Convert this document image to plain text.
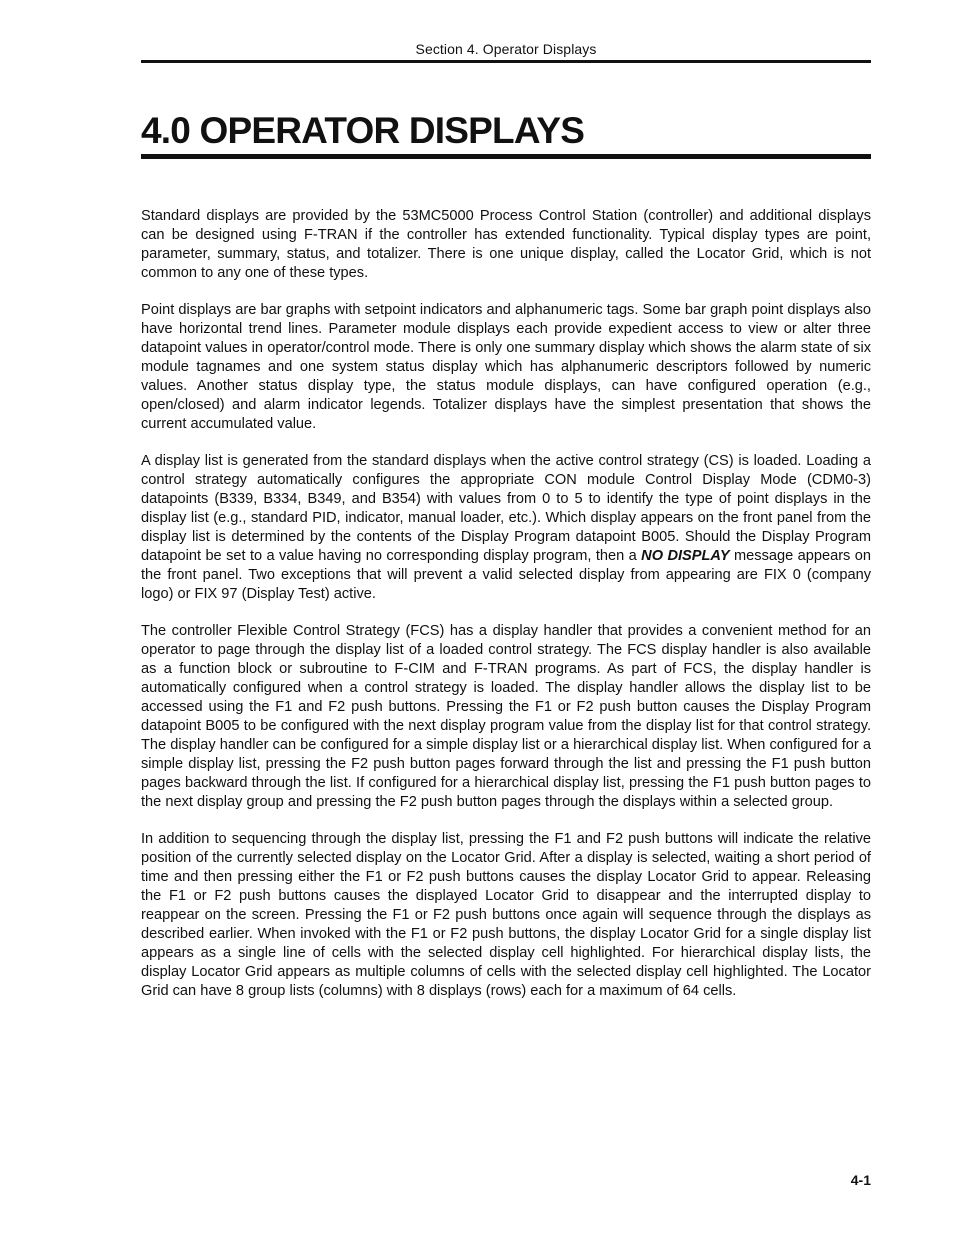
Section 4. Operator Displays
4.0 OPERATOR DISPLAYS

Standard displays are provided by the 53MC5000 Process Control Station (controller) and additional displays can be designed using F-TRAN if the controller has extended functionality. Typical display types are point, parameter, summary, status, and totalizer. There is one unique display, called the Locator Grid, which is not common to any one of these types.

Point displays are bar graphs with setpoint indicators and alphanumeric tags. Some bar graph point displays also have horizontal trend lines. Parameter module displays each provide expedient access to view or alter three datapoint values in operator/control mode. There is only one summary display which shows the alarm state of six module tagnames and one system status display which has alphanumeric descriptors followed by numeric values. Another status display type, the status module displays, can have configured operation (e.g., open/closed) and alarm indicator legends. Totalizer displays have the simplest presentation that shows the current accumulated value.

A display list is generated from the standard displays when the active control strategy (CS) is loaded. Loading a control strategy automatically configures the appropriate CON module Control Display Mode (CDM0-3) datapoints (B339, B334, B349, and B354) with values from 0 to 5 to identify the type of point displays in the display list (e.g., standard PID, indicator, manual loader, etc.). Which display appears on the front panel from the display list is determined by the contents of the Display Program datapoint B005. Should the Display Program datapoint be set to a value having no corresponding display program, then a NO DISPLAY message appears on the front panel. Two exceptions that will prevent a valid selected display from appearing are FIX 0 (company logo) or FIX 97 (Display Test) active.

The controller Flexible Control Strategy (FCS) has a display handler that provides a convenient method for an operator to page through the display list of a loaded control strategy. The FCS display handler is also available as a function block or subroutine to F-CIM and F-TRAN programs. As part of FCS, the display handler is automatically configured when a control strategy is loaded. The display handler allows the display list to be accessed using the F1 and F2 push buttons. Pressing the F1 or F2 push button causes the Display Program datapoint B005 to be configured with the next display program value from the display list for that control strategy. The display handler can be configured for a simple display list or a hierarchical display list. When configured for a simple display list, pressing the F2 push button pages forward through the list and pressing the F1 push button pages backward through the list. If configured for a hierarchical display list, pressing the F1 push button pages to the next display group and pressing the F2 push button pages through the displays within a selected group.

In addition to sequencing through the display list, pressing the F1 and F2 push buttons will indicate the relative position of the currently selected display on the Locator Grid. After a display is selected, waiting a short period of time and then pressing either the F1 or F2 push buttons causes the display Locator Grid to appear. Releasing the F1 or F2 push buttons causes the displayed Locator Grid to disappear and the interrupted display to reappear on the screen. Pressing the F1 or F2 push buttons once again will sequence through the displays as described earlier. When invoked with the F1 or F2 push buttons, the display Locator Grid for a single display list appears as a single line of cells with the selected display cell highlighted. For hierarchical display lists, the display Locator Grid appears as multiple columns of cells with the selected display cell highlighted. The Locator Grid can have 8 group lists (columns) with 8 displays (rows) each for a maximum of 64 cells.

4-1
